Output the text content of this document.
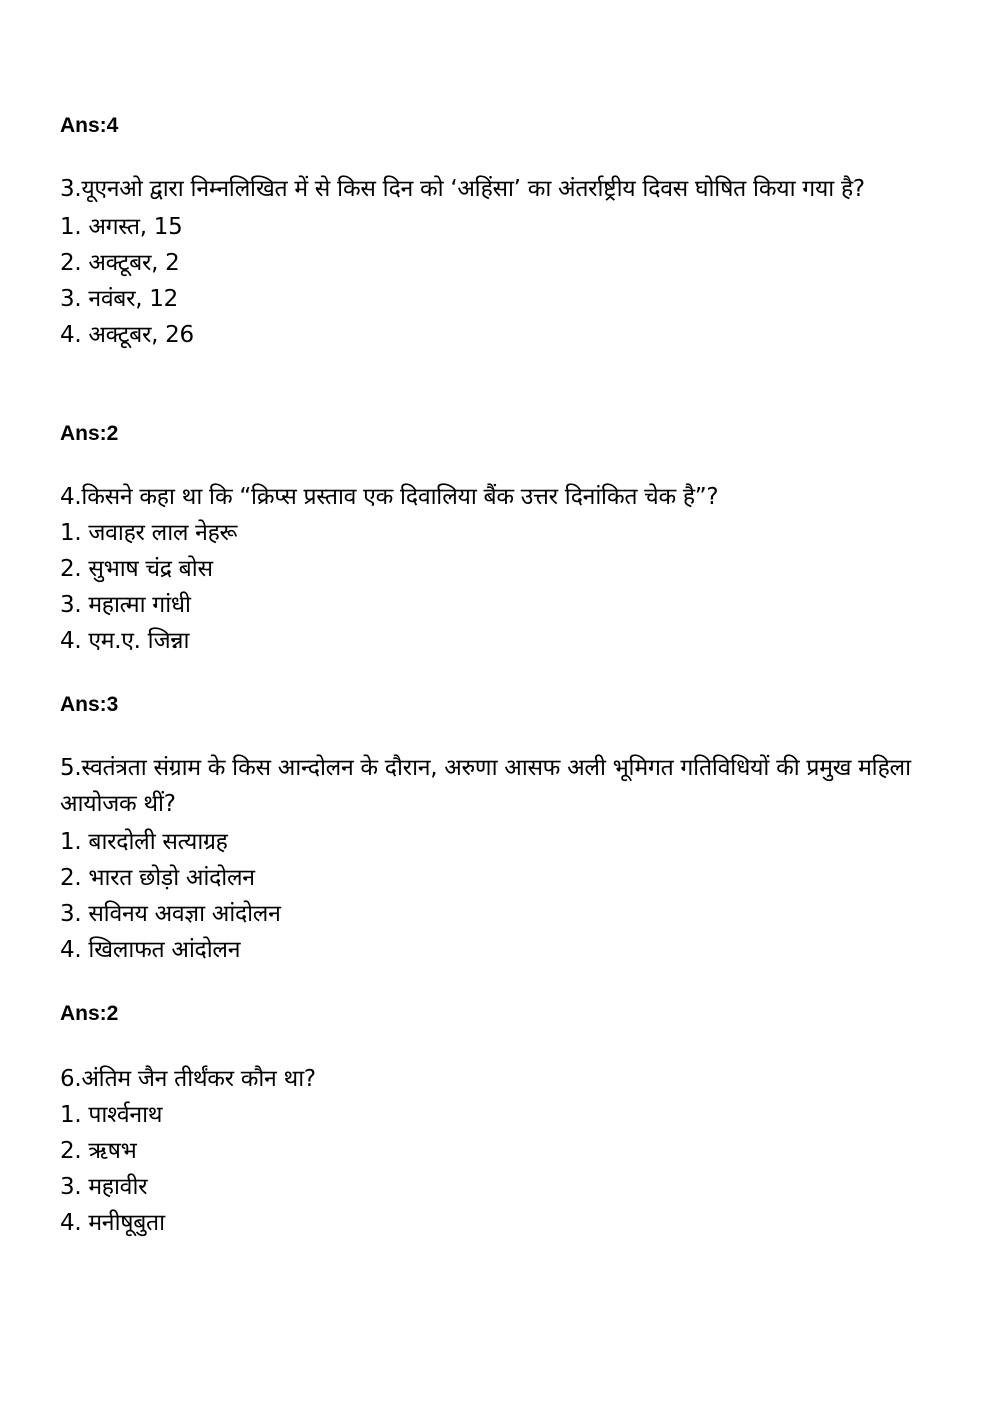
Ans:4
3.यूएनओ द्वारा निम्नलिखित में से किस दिन को ‘अहिंसा’ का अंतर्राष्ट्रीय दिवस घोषित किया गया है?
1. अगस्त, 15
2. अक्टूबर, 2
3. नवंबर, 12
4. अक्टूबर, 26
Ans:2
4.किसने कहा था कि “क्रिप्स प्रस्ताव एक दिवालिया बैंक उत्तर दिनांकित चेक है”?
1. जवाहर लाल नेहरू
2. सुभाष चंद्र बोस
3. महात्मा गांधी
4. एम.ए. जिन्ना
Ans:3
5.स्वतंत्रता संग्राम के किस आन्दोलन के दौरान, अरुणा आसफ अली भूमिगत गतिविधियों की प्रमुख महिला आयोजक थीं?
1. बारदोली सत्याग्रह
2. भारत छोड़ो आंदोलन
3. सविनय अवज्ञा आंदोलन
4. खिलाफत आंदोलन
Ans:2
6.अंतिम जैन तीर्थंकर कौन था?
1. पार्श्वनाथ
2. ऋषभ
3. महावीर
4. मनीषूबुता
